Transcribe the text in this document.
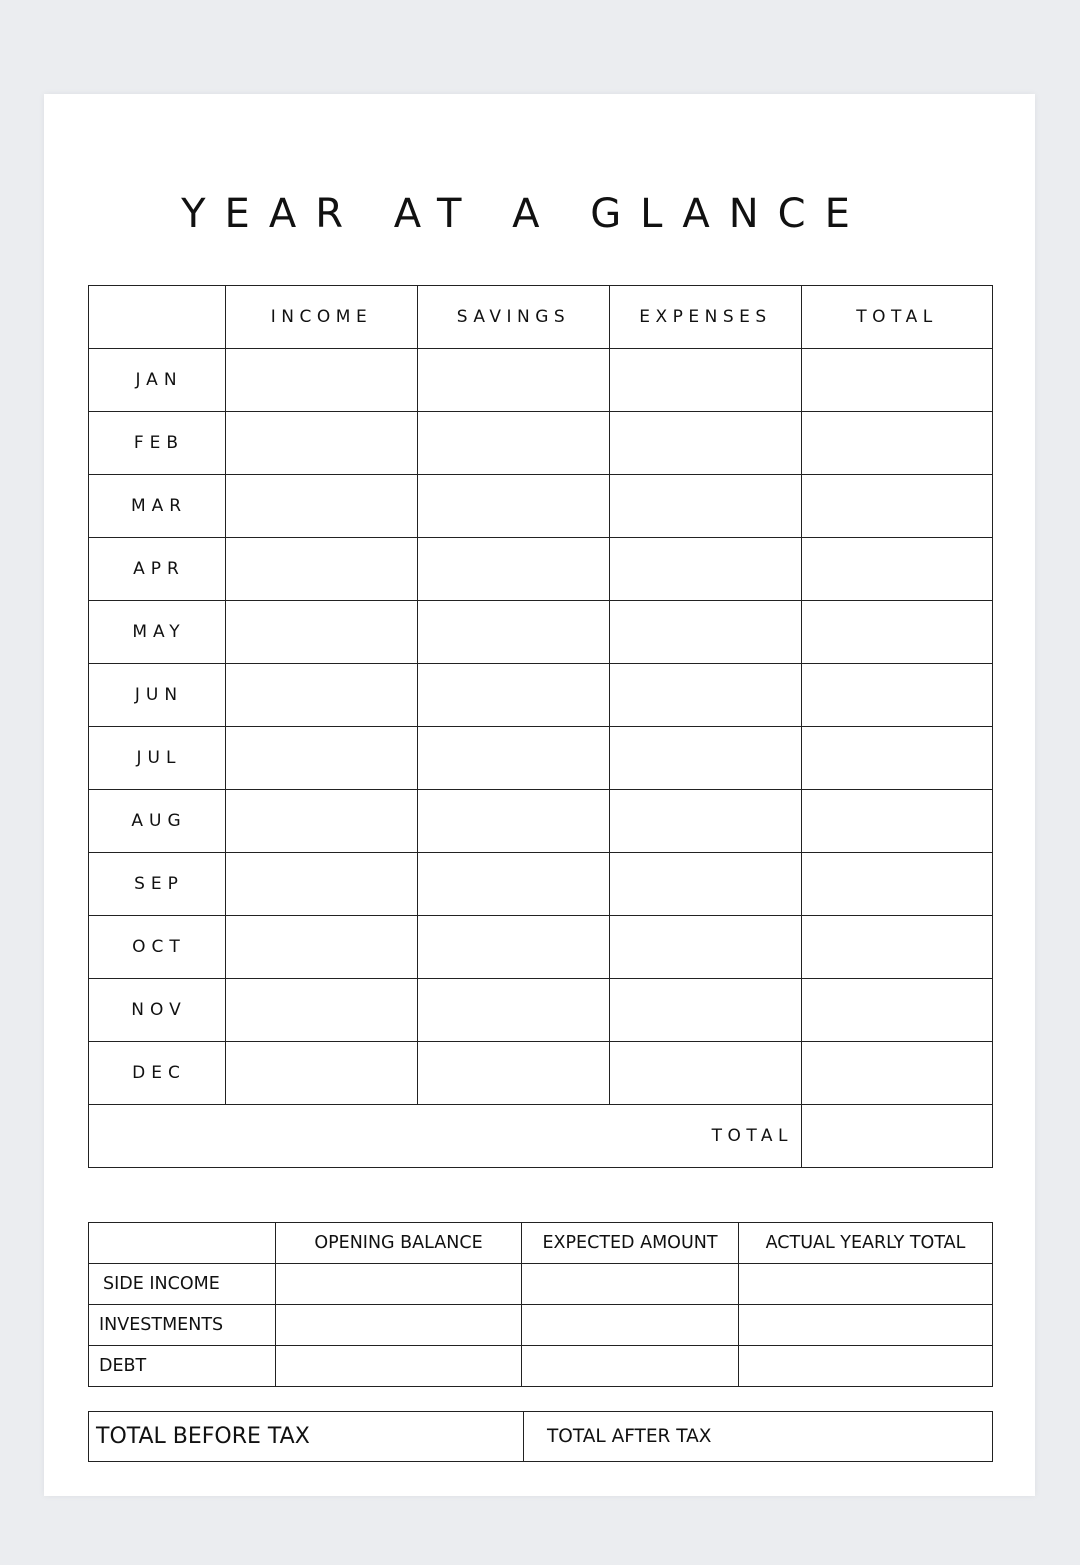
YEAR AT A GLANCE
	INCOME	SAVINGS	EXPENSES	TOTAL
JAN				
FEB				
MAR				
APR				
MAY				
JUN				
JUL				
AUG				
SEP				
OCT				
NOV				
DEC				
TOTAL				
	OPENING BALANCE	EXPECTED AMOUNT	ACTUAL YEARLY TOTAL
SIDE INCOME			
INVESTMENTS			
DEBT			
TOTAL BEFORE TAX	TOTAL AFTER TAX
